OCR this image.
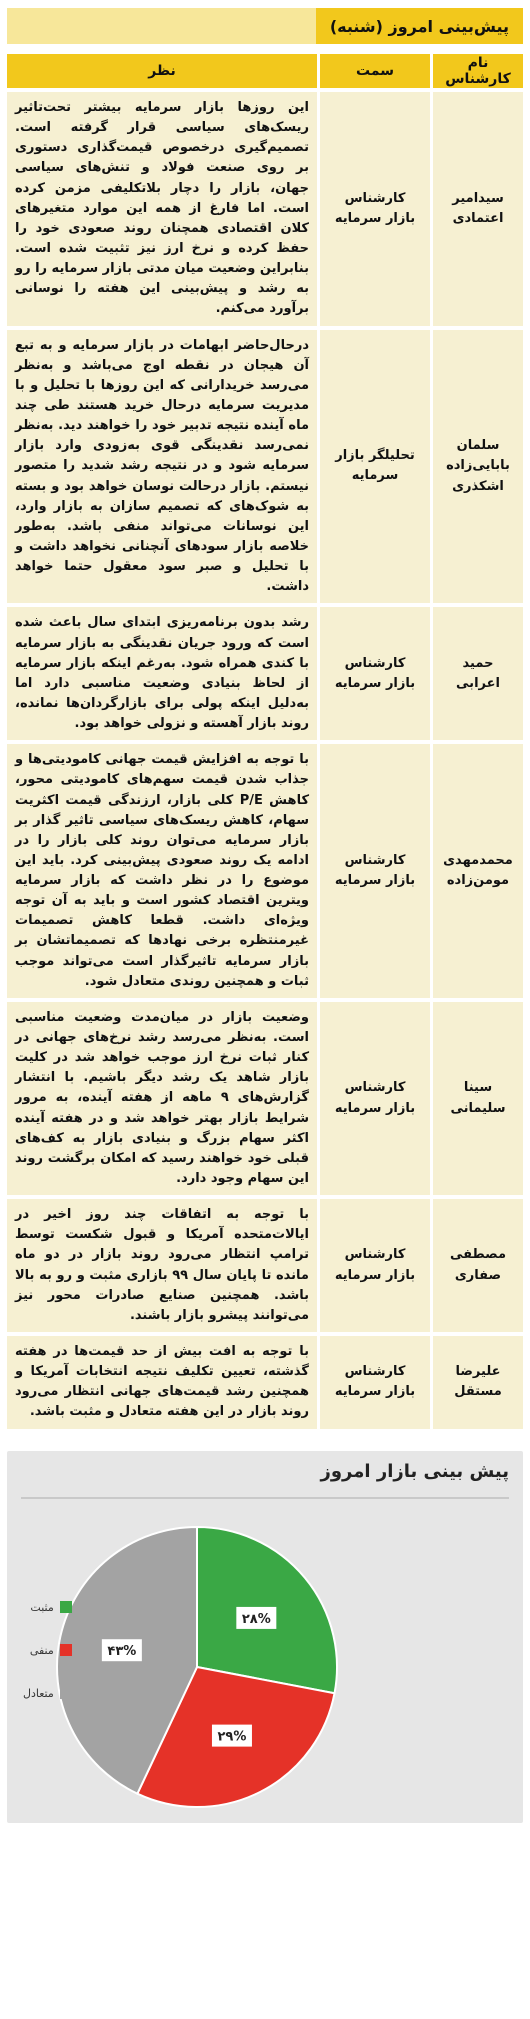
پیش‌بینی امروز (شنبه)
نام کارشناس	سمت	نظر
سیدامیر اعتمادی	کارشناس بازار سرمایه	این روزها بازار سرمایه بیشتر تحت‌تاثیر ریسک‌های سیاسی قرار گرفته است. تصمیم‌گیری درخصوص قیمت‌گذاری دستوری بر روی صنعت فولاد و تنش‌های سیاسی جهان، بازار را دچار بلاتکلیفی مزمن کرده است. اما فارغ از همه این موارد متغیرهای کلان اقتصادی همچنان روند صعودی خود را حفظ کرده و نرخ ارز نیز تثبیت شده است. بنابراین وضعیت میان مدتی بازار سرمایه را رو به رشد و پیش‌بینی این هفته را نوسانی برآورد می‌کنم.
سلمان بابایی‌زاده اشکذری	تحلیلگر بازار سرمایه	درحال‌حاضر ابهامات در بازار سرمایه و به تبع آن هیجان در نقطه اوج می‌باشد و به‌نظر می‌رسد خریدارانی که این روزها با تحلیل و با مدیریت سرمایه درحال خرید هستند طی چند ماه آینده نتیجه تدبیر خود را خواهند دید. به‌نظر نمی‌رسد نقدینگی قوی به‌زودی وارد بازار سرمایه شود و در نتیجه رشد شدید را متصور نیستم. بازار درحالت نوسان خواهد بود و بسته به شوک‌های که تصمیم سازان به بازار وارد، این نوسانات می‌تواند منفی باشد. به‌طور خلاصه بازار سودهای آنچنانی نخواهد داشت و با تحلیل و صبر سود معقول حتما خواهد داشت.
حمید اعرابی	کارشناس بازار سرمایه	رشد بدون برنامه‌ریزی ابتدای سال باعث شده است که ورود جریان نقدینگی به بازار سرمایه با کندی همراه شود. به‌رغم اینکه بازار سرمایه از لحاظ بنیادی وضعیت مناسبی دارد اما به‌دلیل اینکه پولی برای بازارگردان‌ها نمانده، روند بازار آهسته و نزولی خواهد بود.
محمدمهدی مومن‌زاده	کارشناس بازار سرمایه	با توجه به افزایش قیمت جهانی کامودیتی‌ها و جذاب شدن قیمت سهم‌های کامودیتی محور، کاهش P/E کلی بازار، ارزندگی قیمت اکثریت سهام، کاهش ریسک‌های سیاسی تاثیر گذار بر بازار سرمایه می‌توان روند کلی بازار را در ادامه یک روند صعودی پیش‌بینی کرد. باید این موضوع را در نظر داشت که بازار سرمایه ویترین اقتصاد کشور است و باید به آن توجه ویژه‌ای داشت. قطعا کاهش تصمیمات غیرمنتظره برخی نهادها که تصمیماتشان بر بازار سرمایه تاثیرگذار است می‌تواند موجب ثبات و همچنین روندی متعادل شود.
سینا سلیمانی	کارشناس بازار سرمایه	وضعیت بازار در میان‌مدت وضعیت مناسبی است. به‌نظر می‌رسد رشد نرخ‌های جهانی در کنار ثبات نرخ ارز موجب خواهد شد در کلیت بازار شاهد یک رشد دیگر باشیم. با انتشار گزارش‌های ۹ ماهه از هفته آینده، به مرور شرایط بازار بهتر خواهد شد و در هفته آینده اکثر سهام بزرگ و بنیادی بازار به کف‌های قبلی خود خواهند رسید که امکان برگشت روند این سهام وجود دارد.
مصطفی صفاری	کارشناس بازار سرمایه	با توجه به اتفاقات چند روز اخیر در ایالات‌متحده آمریکا و قبول شکست توسط ترامپ انتظار می‌رود روند بازار در دو ماه مانده تا پایان سال ۹۹ بازاری مثبت و رو به بالا باشد. همچنین صنایع صادرات محور نیز می‌توانند پیشرو بازار باشند.
علیرضا مستقل	کارشناس بازار سرمایه	با توجه به افت بیش از حد قیمت‌ها در هفته گذشته، تعیین تکلیف نتیجه انتخابات آمریکا و همچنین رشد قیمت‌های جهانی انتظار می‌رود روند بازار در این هفته متعادل و مثبت باشد.
پیش بینی بازار امروز
۲۸%
۲۹%
۴۳%
مثبت
منفی
متعادل
